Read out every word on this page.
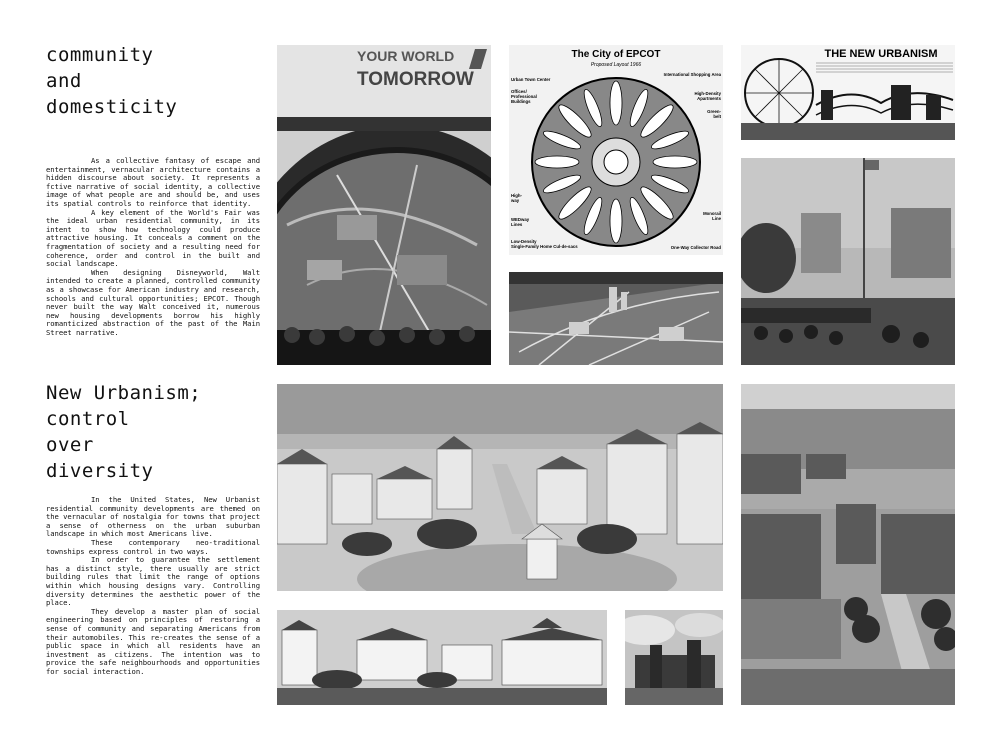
community
and
domesticity
New Urbanism;
control
over
diversity

As a collective fantasy of escape and entertainment, vernacular architecture contains a hidden discourse about society. It represents a fctive narrative of social identity, a collective image of what people are and should be, and uses its spatial controls to reinforce that identity.

A key element of the World's Fair was the ideal urban residential community, in its intent to show how technology could produce attractive housing. It conceals a comment on the fragmentation of society and a resulting need for coherence, order and control in the built and social landscape.

When designing Disneyworld, Walt intended to create a planned, controlled community as a showcase for American industry and research, schools and cultural opportunities; EPCOT. Though never built the way Walt conceived it, numerous new housing developments borrow his highly romanticized abstraction of the past of the Main Street narrative.

In the United States, New Urbanist residential community developments are themed on the vernacular of nostalgia for towns that project a sense of otherness on the urban suburban landscape in which most Americans live.

These contemporary neo-traditional townships express control in two ways.

In order to guarantee the settlement has a distinct style, there usually are strict building rules that limit the range of options within which housing designs vary. Controlling diversity determines the aesthetic power of the place.

They develop a master plan of social engineering based on principles of restoring a sense of community and separating Americans from their automobiles. This re-creates the sense of a public space in which all residents have an investment as citizens. The intention was to provice the safe neighbourhoods and opportunities for social interaction.

YOUR WORLD
TOMORROW
The City of EPCOT
Proposed Layout 1966
Urban Town Center
Offices/ Professional Buildings
International Shopping Area
High-Density Apartments
Green-belt
High-way
WEDway Lines
Monorail Line
Low-Density Single-Family Home Cul-de-sacs	One-Way Collector Road
THE NEW URBANISM
